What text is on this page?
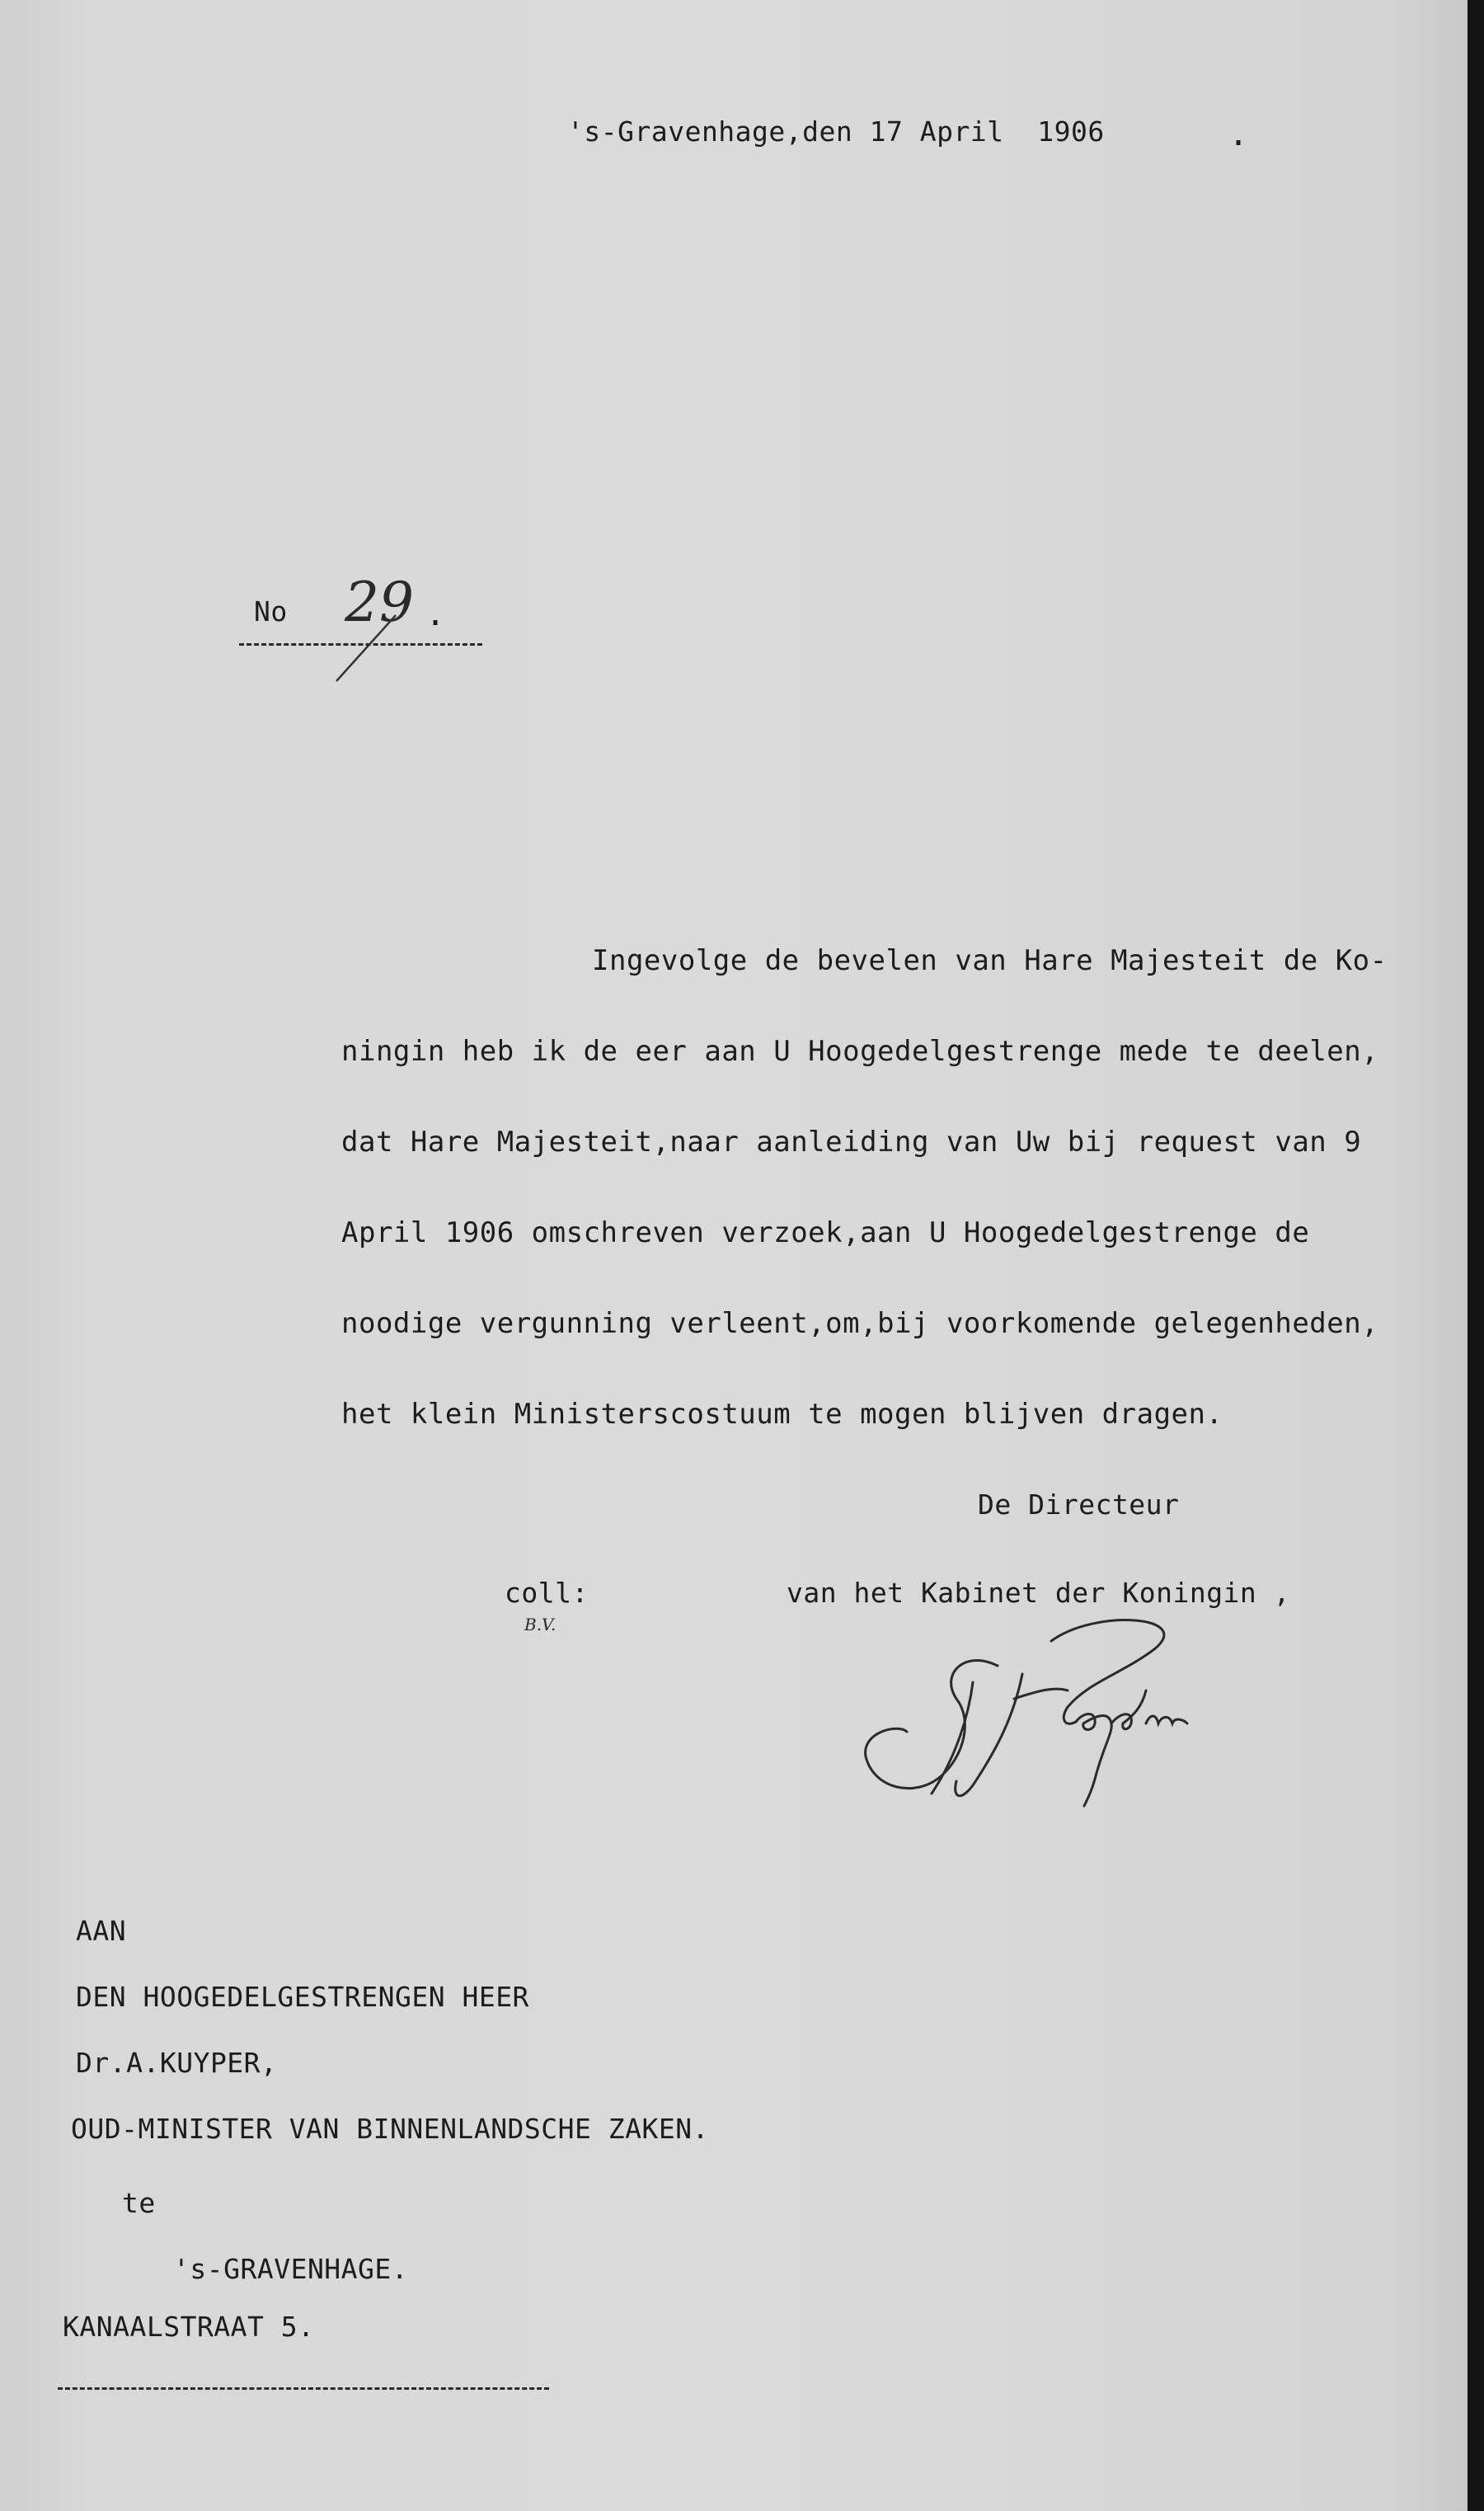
's-Gravenhage,den 17 April  1906	.
No 29 .
Ingevolge de bevelen van Hare Majesteit de Ko-
ningin heb ik de eer aan U Hoogedelgestrenge mede te deelen,
dat Hare Majesteit,naar aanleiding van Uw bij request van 9
April 1906 omschreven verzoek,aan U Hoogedelgestrenge de
noodige vergunning verleent,om,bij voorkomende gelegenheden,
het klein Ministerscostuum te mogen blijven dragen.
De Directeur
coll:
B.V.
van het Kabinet der Koningin ,
AAN
DEN HOOGEDELGESTRENGEN HEER
Dr.A.KUYPER,
OUD-MINISTER VAN BINNENLANDSCHE ZAKEN.
te
's-GRAVENHAGE.
KANAALSTRAAT 5.
